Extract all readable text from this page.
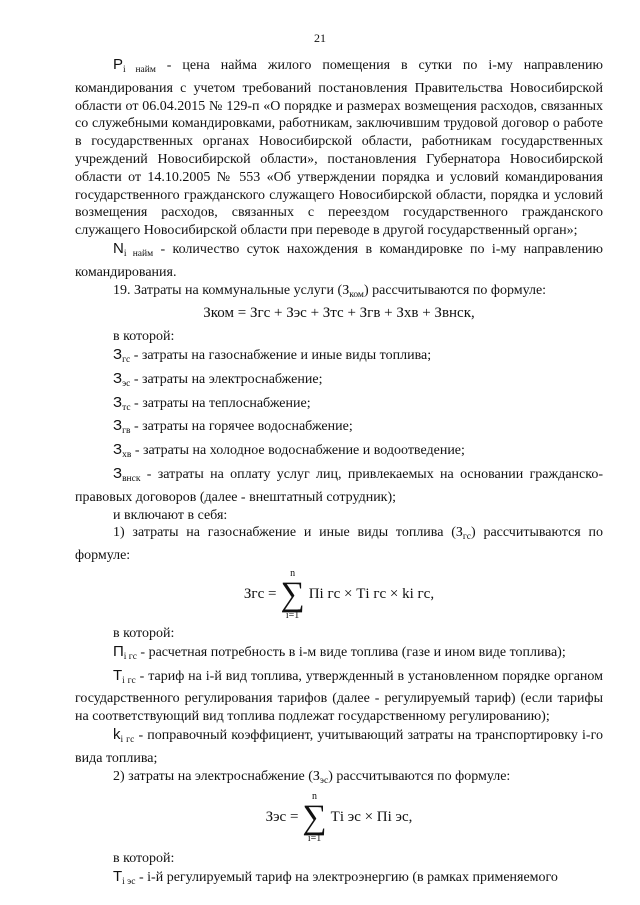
21

$P_{i найм}$ - цена найма жилого помещения в сутки по i-му направлению командирования с учетом требований постановления Правительства Новосибирской области от 06.04.2015 № 129-п «О порядке и размерах возмещения расходов, связанных со служебными командировками, работникам, заключившим трудовой договор о работе в государственных органах Новосибирской области, работникам государственных учреждений Новосибирской области», постановления Губернатора Новосибирской области от 14.10.2005 № 553 «Об утверждении порядка и условий командирования государственного гражданского служащего Новосибирской области, порядка и условий возмещения расходов, связанных с переездом государственного гражданского служащего Новосибирской области при переводе в другой государственный орган»;

$N_{i найм}$ - количество суток нахождения в командировке по i-му направлению командирования.

19. Затраты на коммунальные услуги $(З_{ком})$ рассчитываются по формуле:

Зком = Згс + Зэс + Зтс + Згв + Зхв + Звнск,

в которой:

$З_{гс}$ - затраты на газоснабжение и иные виды топлива;

$З_{эс}$ - затраты на электроснабжение;

$З_{тс}$ - затраты на теплоснабжение;

$З_{гв}$ - затраты на горячее водоснабжение;

$З_{хв}$ - затраты на холодное водоснабжение и водоотведение;

$З_{внск}$ - затраты на оплату услуг лиц, привлекаемых на основании гражданско-правовых договоров (далее - внештатный сотрудник);

и включают в себя:

1) затраты на газоснабжение и иные виды топлива $(З_{гс})$ рассчитываются по формуле:

Згс =
n
∑
i=1
Пi гс × Тi гс × ki гс,

в которой:

$П_{i гс}$ - расчетная потребность в i-м виде топлива (газе и ином виде топлива);

$Т_{i гс}$ - тариф на i-й вид топлива, утвержденный в установленном порядке органом государственного регулирования тарифов (далее - регулируемый тариф) (если тарифы на соответствующий вид топлива подлежат государственному регулированию);

$k_{i гс}$ - поправочный коэффициент, учитывающий затраты на транспортировку i-го вида топлива;

2) затраты на электроснабжение $(З_{эс})$ рассчитываются по формуле:

Зэс =
n
∑
i=1
Тi эс × Пi эс,

в которой:

$Т_{i эс} - i-й$ регулируемый тариф на электроэнергию (в рамках применяемого
